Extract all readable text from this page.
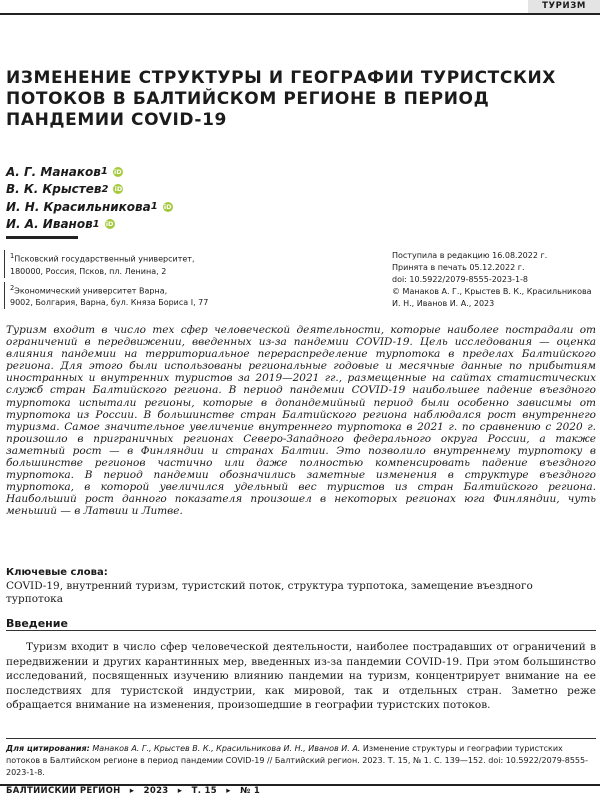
ТУРИЗМ
ИЗМЕНЕНИЕ СТРУКТУРЫ И ГЕОГРАФИИ ТУРИСТСКИХ ПОТОКОВ В БАЛТИЙСКОМ РЕГИОНЕ В ПЕРИОД ПАНДЕМИИ COVID-19
А. Г. Манаков 1 iD
В. К. Крыстев 2 iD
И. Н. Красильникова 1 iD
И. А. Иванов 1 iD
$^1$Псковский государственный университет,
180000, Россия, Псков, пл. Ленина, 2
$^2$Экономический университет Варна,
9002, Болгария, Варна, бул. Княза Бориса I, 77
Поступила в редакцию 16.08.2022 г.
Принята в печать 05.12.2022 г.
doi: 10.5922/2079-8555-2023-1-8
© Манаков А. Г., Крыстев В. К., Красильникова И. Н., Иванов И. А., 2023

Туризм входит в число тех сфер человеческой деятельности, которые наиболее пострадали от ограничений в передвижении, введенных из-за пандемии COVID-19. Цель исследования — оценка влияния пандемии на территориальное перераспределение турпотока в пределах Балтийского региона. Для этого были использованы региональные годовые и месячные данные по прибытиям иностранных и внутренних туристов за 2019—2021 гг., размещенные на сайтах статистических служб стран Балтийского региона. В период пандемии COVID-19 наибольшее падение въездного турпотока испытали регионы, которые в допандемийный период были особенно зависимы от турпотока из России. В большинстве стран Балтийского региона наблюдался рост внутреннего туризма. Самое значительное увеличение внутреннего турпотока в 2021 г. по сравнению с 2020 г. произошло в приграничных регионах Северо-Западного федерального округа России, а также заметный рост — в Финляндии и странах Балтии. Это позволило внутреннему турпотоку в большинстве регионов частично или даже полностью компенсировать падение въездного турпотока. В период пандемии обозначились заметные изменения в структуре въездного турпотока, в которой увеличился удельный вес туристов из стран Балтийского региона. Наибольший рост данного показателя произошел в некоторых регионах юга Финляндии, чуть меньший — в Латвии и Литве.

Ключевые слова:
COVID-19, внутренний туризм, туристский поток, структура турпотока, замещение въездного турпотока
Введение

Туризм входит в число сфер человеческой деятельности, наиболее пострадавших от ограничений в передвижении и других карантинных мер, введенных из-за пандемии COVID-19. При этом большинство исследований, посвященных изучению влиянию пандемии на туризм, концентрирует внимание на ее последствиях для туристской индустрии, как мировой, так и отдельных стран. Заметно реже обращается внимание на изменения, произошедшие в географии туристских потоков.

Для цитирования: Манаков А. Г., Крыстев В. К., Красильникова И. Н., Иванов И. А. Изменение структуры и географии туристских потоков в Балтийском регионе в период пандемии COVID-19 // Балтийский регион. 2023. Т. 15, № 1. С. 139—152. doi: 10.5922/2079-8555-2023-1-8.

БАЛТИЙСКИЙ РЕГИОН ▸ 2023 ▸ Т. 15 ▸ № 1
